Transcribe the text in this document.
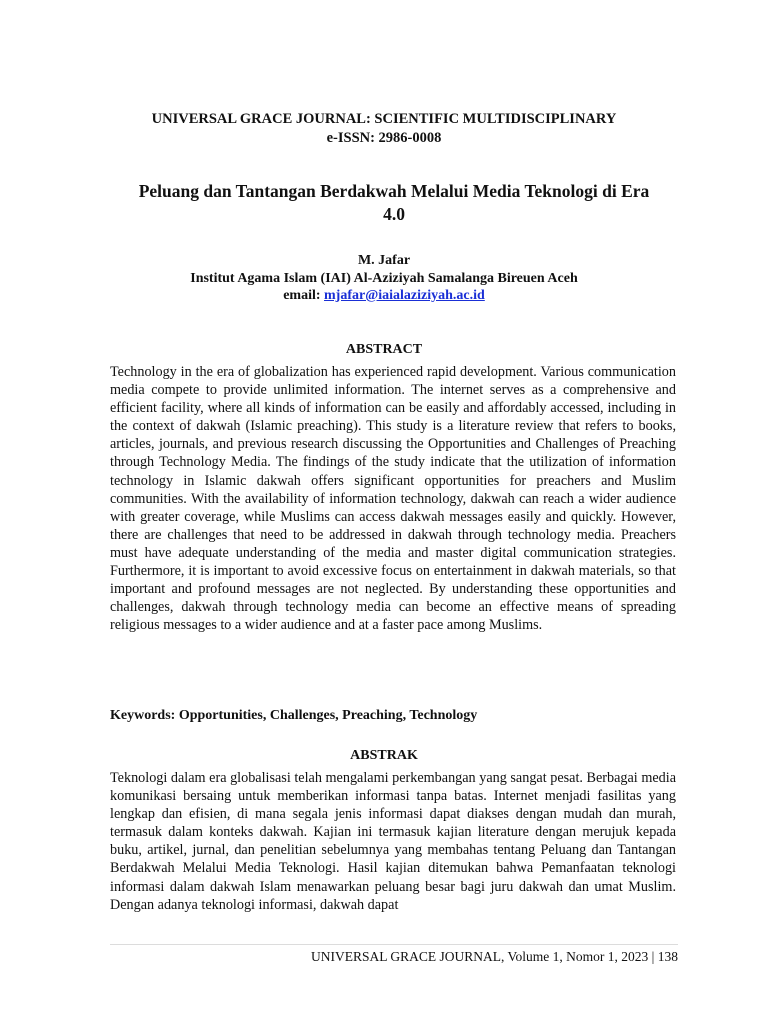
UNIVERSAL GRACE JOURNAL: SCIENTIFIC MULTIDISCIPLINARY
e-ISSN: 2986-0008
Peluang dan Tantangan Berdakwah Melalui Media Teknologi di Era
4.0
M. Jafar
Institut Agama Islam (IAI) Al-Aziziyah Samalanga Bireuen Aceh
email: mjafar@iaialaziziyah.ac.id
ABSTRACT
Technology in the era of globalization has experienced rapid development. Various communication media compete to provide unlimited information. The internet serves as a comprehensive and efficient facility, where all kinds of information can be easily and affordably accessed, including in the context of dakwah (Islamic preaching). This study is a literature review that refers to books, articles, journals, and previous research discussing the Opportunities and Challenges of Preaching through Technology Media. The findings of the study indicate that the utilization of information technology in Islamic dakwah offers significant opportunities for preachers and Muslim communities. With the availability of information technology, dakwah can reach a wider audience with greater coverage, while Muslims can access dakwah messages easily and quickly. However, there are challenges that need to be addressed in dakwah through technology media. Preachers must have adequate understanding of the media and master digital communication strategies. Furthermore, it is important to avoid excessive focus on entertainment in dakwah materials, so that important and profound messages are not neglected. By understanding these opportunities and challenges, dakwah through technology media can become an effective means of spreading religious messages to a wider audience and at a faster pace among Muslims.
Keywords: Opportunities, Challenges, Preaching, Technology
ABSTRAK
Teknologi dalam era globalisasi telah mengalami perkembangan yang sangat pesat. Berbagai media komunikasi bersaing untuk memberikan informasi tanpa batas. Internet menjadi fasilitas yang lengkap dan efisien, di mana segala jenis informasi dapat diakses dengan mudah dan murah, termasuk dalam konteks dakwah. Kajian ini termasuk kajian literature dengan merujuk kepada buku, artikel, jurnal, dan penelitian sebelumnya yang membahas tentang Peluang dan Tantangan Berdakwah Melalui Media Teknologi. Hasil kajian ditemukan bahwa Pemanfaatan teknologi informasi dalam dakwah Islam menawarkan peluang besar bagi juru dakwah dan umat Muslim. Dengan adanya teknologi informasi, dakwah dapat
UNIVERSAL GRACE JOURNAL, Volume 1, Nomor 1, 2023 | 138
